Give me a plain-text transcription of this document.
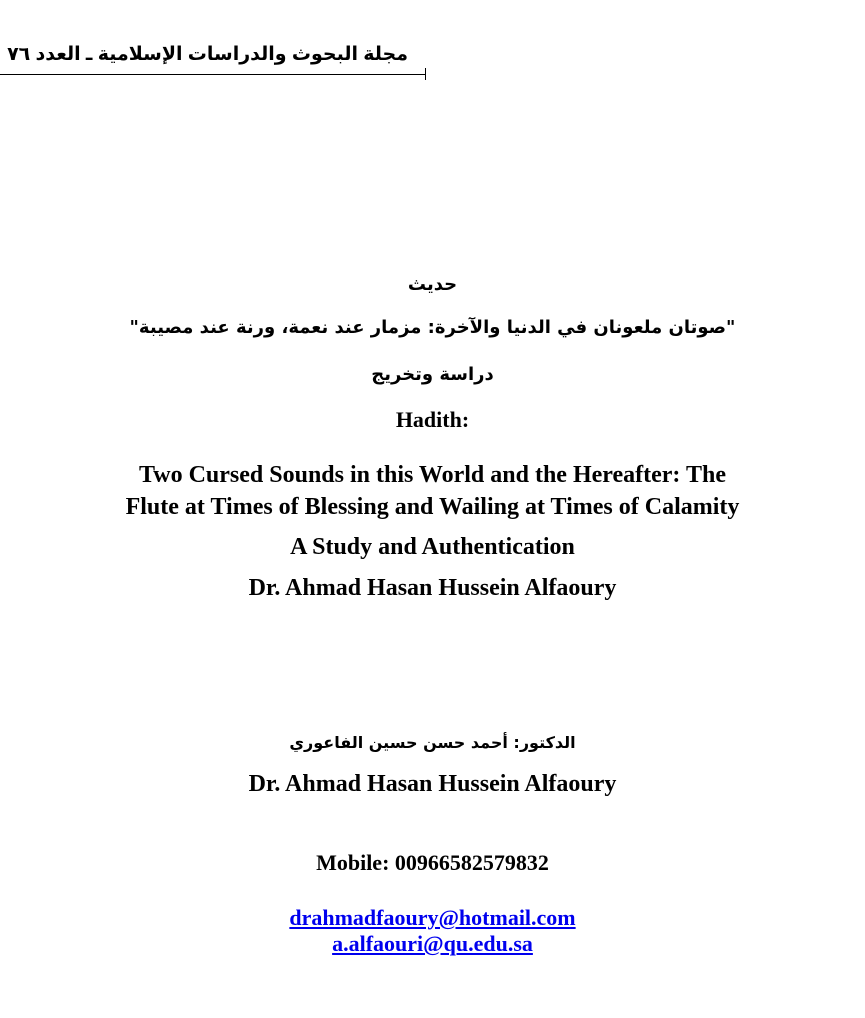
مجلة البحوث والدراسات الإسلامية ـ العدد ٧٦
حديث
"صوتان ملعونان في الدنيا والآخرة: مزمار عند نعمة، ورنة عند مصيبة"
دراسة وتخريج
Hadith:
Two Cursed Sounds in this World and the Hereafter: The
Flute at Times of Blessing and Wailing at Times of Calamity
A Study and Authentication
Dr. Ahmad Hasan Hussein Alfaoury
الدكتور: أحمد حسن حسين الفاعوري
Dr. Ahmad Hasan Hussein Alfaoury
Mobile: 00966582579832
drahmadfaoury@hotmail.com
a.alfaouri@qu.edu.sa
